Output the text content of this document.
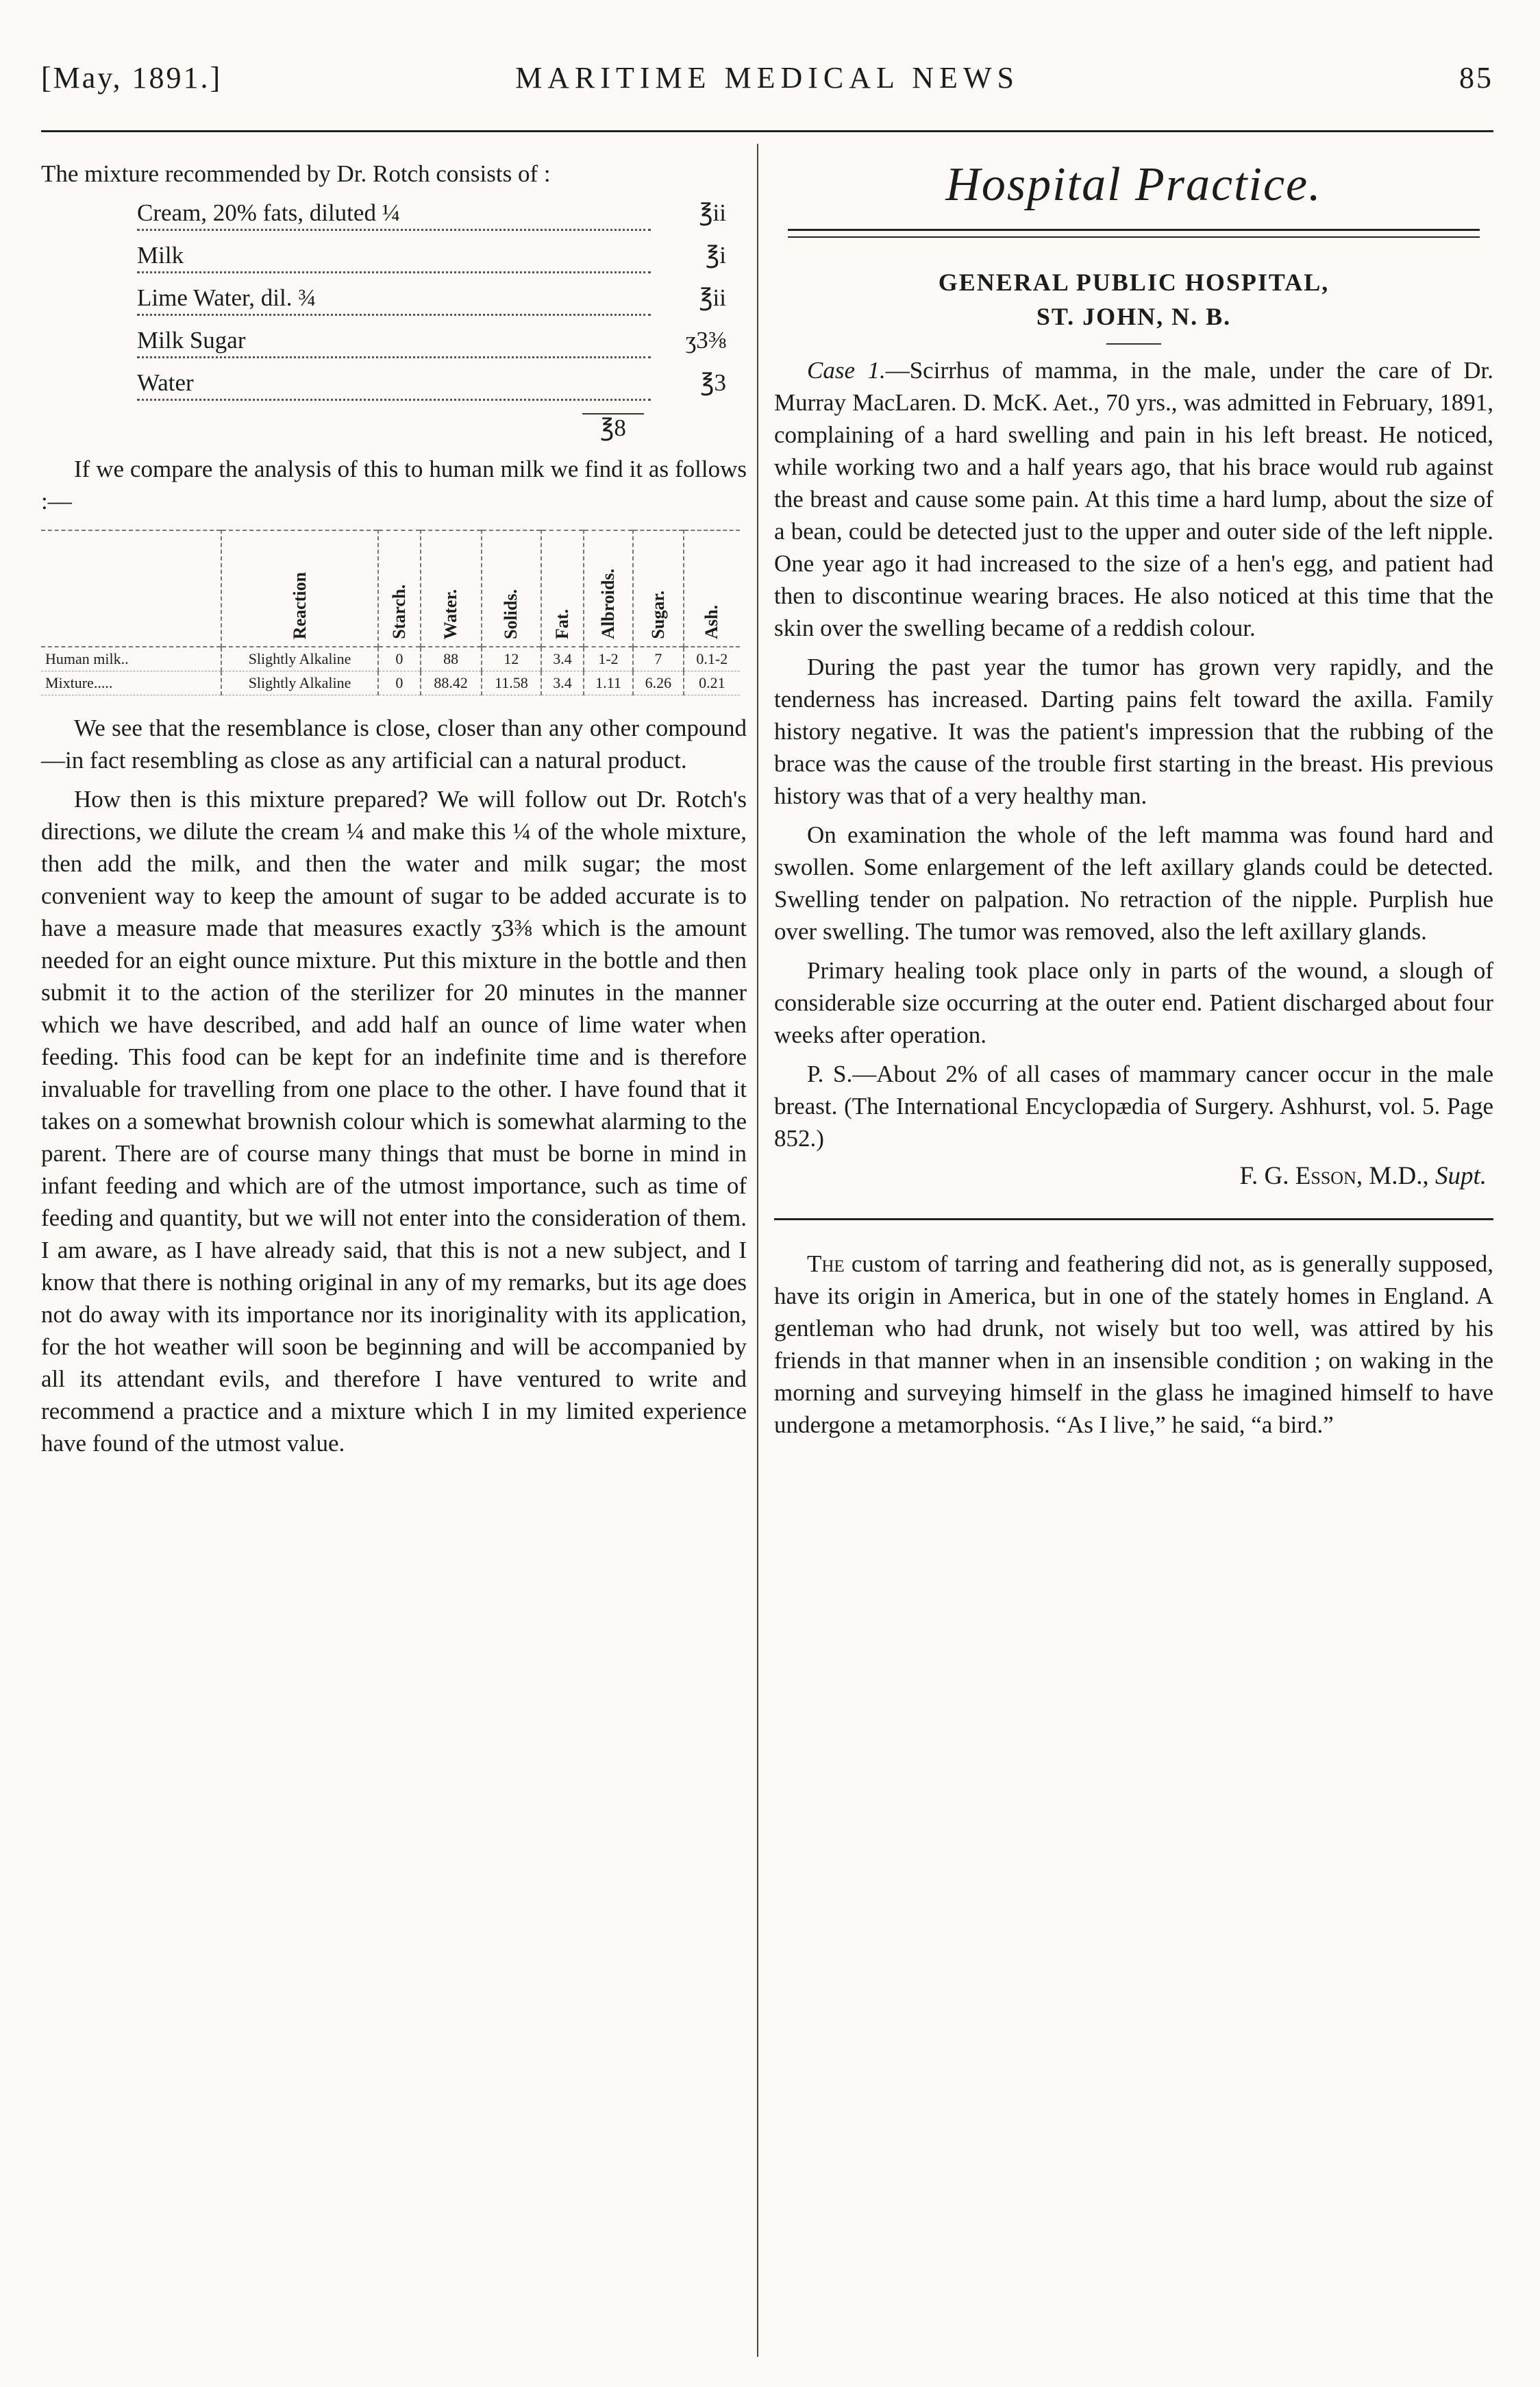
[May, 1891.]	MARITIME MEDICAL NEWS	85

The mixture recommended by Dr. Rotch consists of :

Cream, 20% fats, diluted ¼	℥ii
Milk	℥i
Lime Water, dil. ¾	℥ii
Milk Sugar	ʒ3⅜
Water	℥3
℥8

If we compare the analysis of this to human milk we find it as follows :—

	Reaction	Starch.	Water.	Solids.	Fat.	Albroids.	Sugar.	Ash.
Human milk..	Slightly Alkaline	0	88	12	3.4	1-2	7	0.1-2
Mixture.....	Slightly Alkaline	0	88.42	11.58	3.4	1.11	6.26	0.21

We see that the resemblance is close, closer than any other compound—in fact resembling as close as any artificial can a natural product.

How then is this mixture prepared? We will follow out Dr. Rotch's directions, we dilute the cream ¼ and make this ¼ of the whole mixture, then add the milk, and then the water and milk sugar; the most convenient way to keep the amount of sugar to be added accurate is to have a measure made that measures exactly ʒ3⅜ which is the amount needed for an eight ounce mixture. Put this mixture in the bottle and then submit it to the action of the sterilizer for 20 minutes in the manner which we have described, and add half an ounce of lime water when feeding. This food can be kept for an indefinite time and is therefore invaluable for travelling from one place to the other. I have found that it takes on a somewhat brownish colour which is somewhat alarming to the parent. There are of course many things that must be borne in mind in infant feeding and which are of the utmost importance, such as time of feeding and quantity, but we will not enter into the consideration of them. I am aware, as I have already said, that this is not a new subject, and I know that there is nothing original in any of my remarks, but its age does not do away with its importance nor its inoriginality with its application, for the hot weather will soon be beginning and will be accompanied by all its attendant evils, and therefore I have ventured to write and recommend a practice and a mixture which I in my limited experience have found of the utmost value.

Hospital Practice.

GENERAL PUBLIC HOSPITAL,

ST. JOHN, N. B.

Case 1.—Scirrhus of mamma, in the male, under the care of Dr. Murray MacLaren. D. McK. Aet., 70 yrs., was admitted in February, 1891, complaining of a hard swelling and pain in his left breast. He noticed, while working two and a half years ago, that his brace would rub against the breast and cause some pain. At this time a hard lump, about the size of a bean, could be detected just to the upper and outer side of the left nipple. One year ago it had increased to the size of a hen's egg, and patient had then to discontinue wearing braces. He also noticed at this time that the skin over the swelling became of a reddish colour.

During the past year the tumor has grown very rapidly, and the tenderness has increased. Darting pains felt toward the axilla. Family history negative. It was the patient's impression that the rubbing of the brace was the cause of the trouble first starting in the breast. His previous history was that of a very healthy man.

On examination the whole of the left mamma was found hard and swollen. Some enlargement of the left axillary glands could be detected. Swelling tender on palpation. No retraction of the nipple. Purplish hue over swelling. The tumor was removed, also the left axillary glands.

Primary healing took place only in parts of the wound, a slough of considerable size occurring at the outer end. Patient discharged about four weeks after operation.

P. S.—About 2% of all cases of mammary cancer occur in the male breast. (The International Encyclopædia of Surgery. Ashhurst, vol. 5. Page 852.)

F. G. Esson, M.D., Supt.

The custom of tarring and feathering did not, as is generally supposed, have its origin in America, but in one of the stately homes in England. A gentleman who had drunk, not wisely but too well, was attired by his friends in that manner when in an insensible condition ; on waking in the morning and surveying himself in the glass he imagined himself to have undergone a metamorphosis. “As I live,” he said, “a bird.”
